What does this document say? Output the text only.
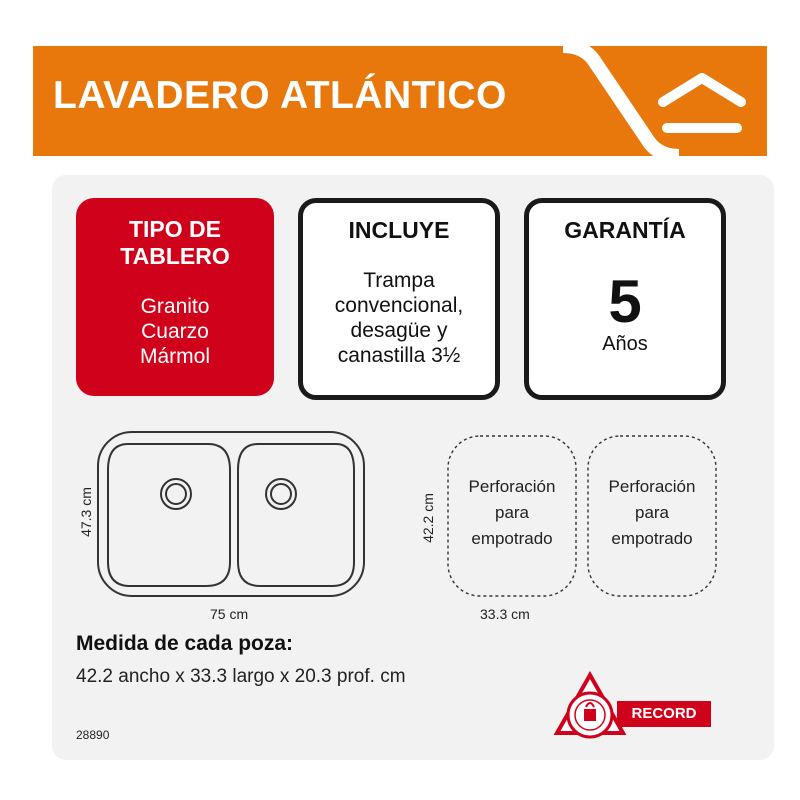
LAVADERO ATLÁNTICO
TIPO DE
TABLERO
Granito
Cuarzo
Mármol
INCLUYE
Trampa
convencional,
desagüe y
canastilla 3½
GARANTÍA
5
Años
47.3 cm
75 cm
42.2 cm
33.3 cm
Perforación
para
empotrado
Perforación
para
empotrado
Medida de cada poza:
42.2 ancho x 33.3 largo x 20.3 prof. cm
28890
RECORD
